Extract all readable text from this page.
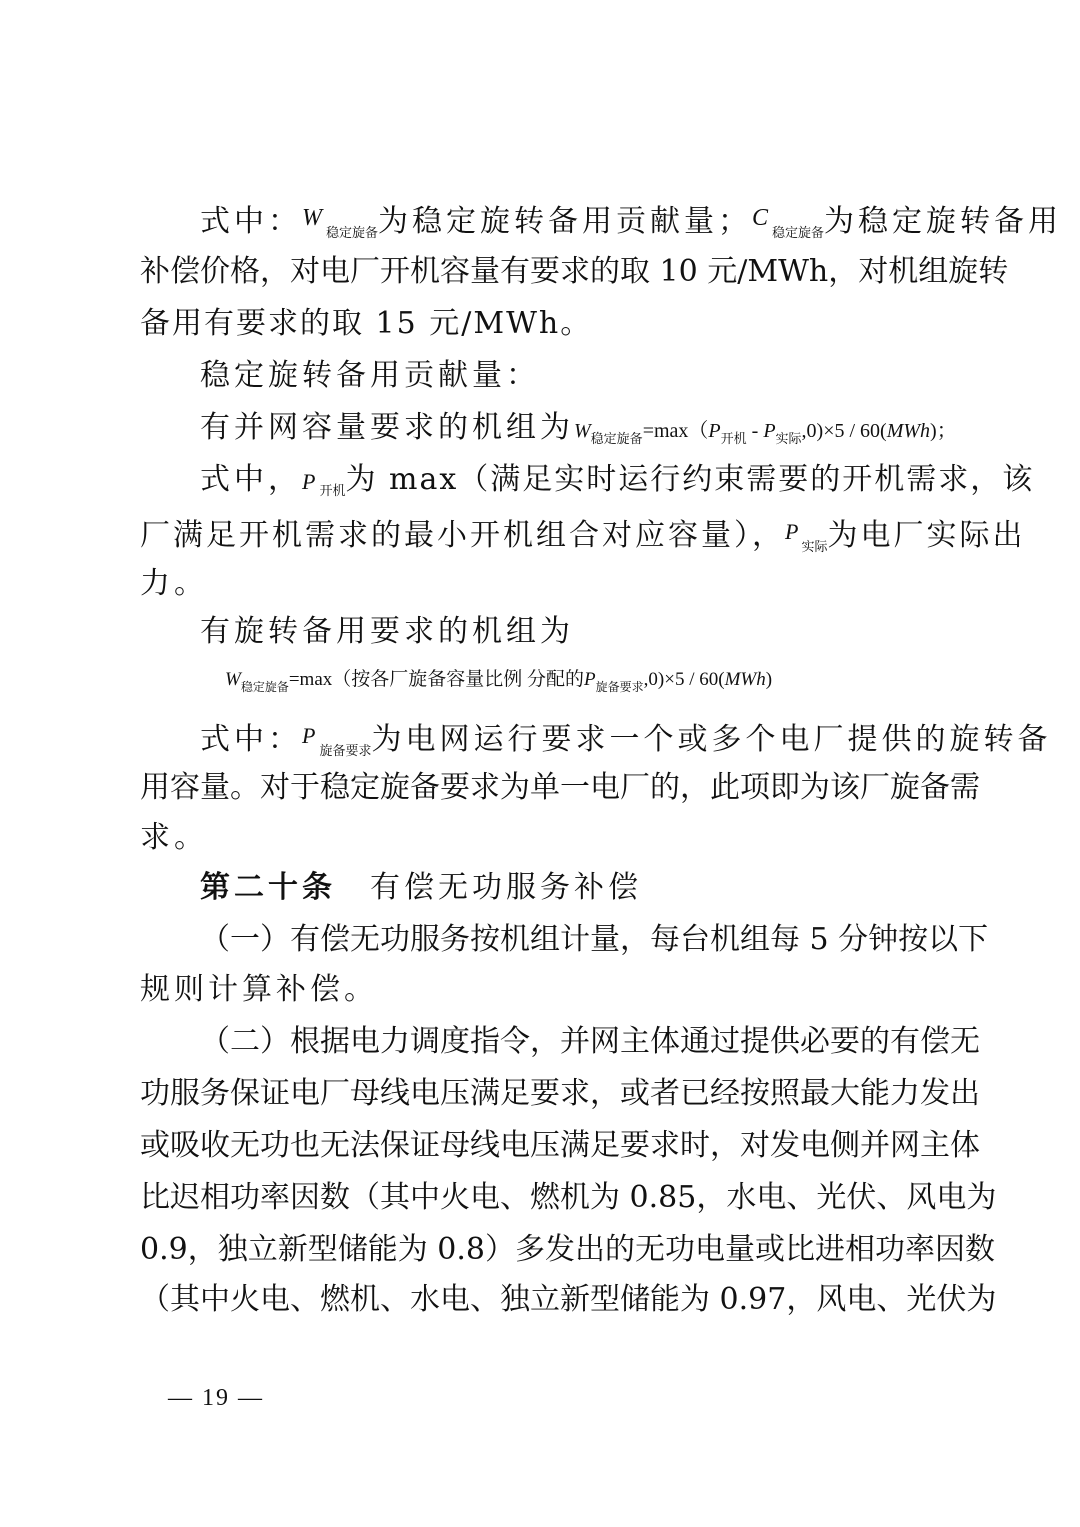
式中：$^W_{稳定旋备}$为稳定旋转备用贡献量；$^C_{稳定旋备}$为稳定旋转备用
补偿价格，对电厂开机容量有要求的取 10 元/MWh，对机组旋转
备用有要求的取 15 元/MWh。
稳定旋转备用贡献量：
有并网容量要求的机组为$W_{稳定旋备}=\max(P_{开机} - P_{实际},0)\times 5 / 60(MWh)$；
式中，$P_{开机}$为 max（满足实时运行约束需要的开机需求，该
厂满足开机需求的最小开机组合对应容量），$^P_{实际}$为电厂实际出
力。
有旋转备用要求的机组为
$W_{稳定旋备}=\max$（按各厂旋备容量比例 分配的$P_{旋备要求},0)\times 5 / 60(MWh)$
式中：$^P_{旋备要求}$为电网运行要求一个或多个电厂提供的旋转备
用容量。对于稳定旋备要求为单一电厂的，此项即为该厂旋备需
求。
第二十条 有偿无功服务补偿
（一）有偿无功服务按机组计量，每台机组每 5 分钟按以下
规则计算补偿。
（二）根据电力调度指令，并网主体通过提供必要的有偿无
功服务保证电厂母线电压满足要求，或者已经按照最大能力发出
或吸收无功也无法保证母线电压满足要求时，对发电侧并网主体
比迟相功率因数（其中火电、燃机为 0.85，水电、光伏、风电为
0.9，独立新型储能为 0.8）多发出的无功电量或比进相功率因数
（其中火电、燃机、水电、独立新型储能为 0.97，风电、光伏为
— 19 —
